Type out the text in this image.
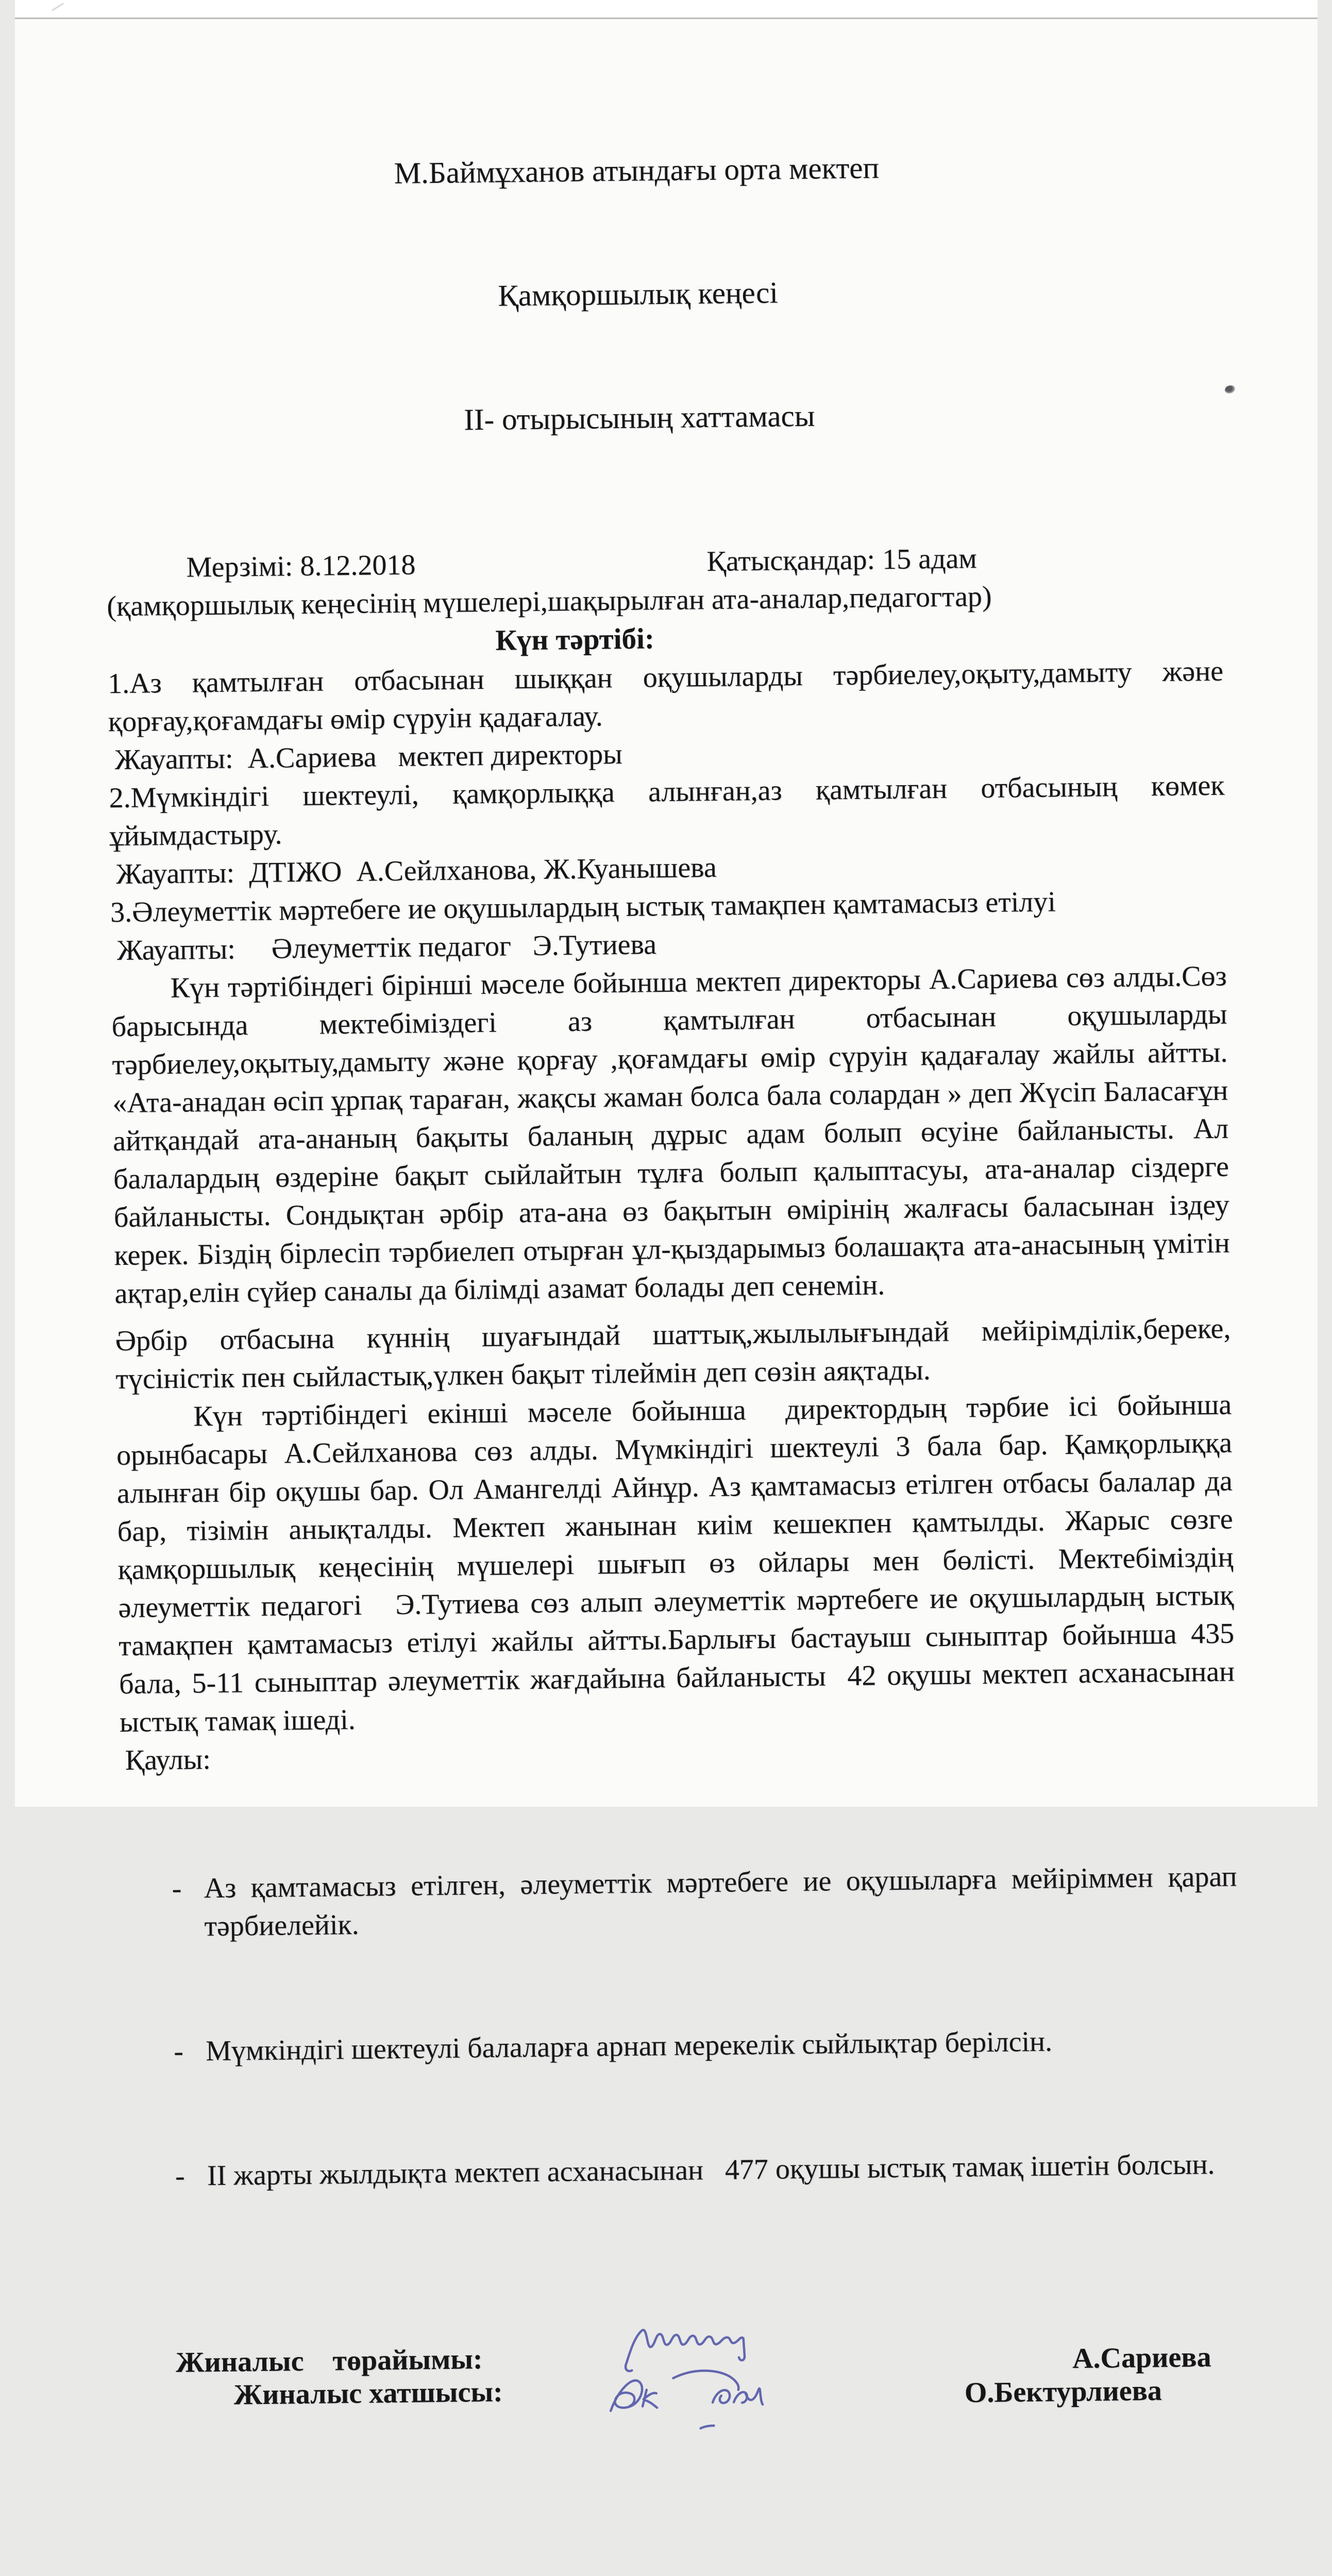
М.Баймұханов атындағы орта мектеп

Қамқоршылық кеңесі

ІІ- отырысының хаттамасы

Мерзімі: 8.12.2018

	Қатысқандар: 15 адам

(қамқоршылық кеңесінің мүшелері,шақырылған ата-аналар,педагогтар)

Күн тәртібі:

1.Аз қамтылған отбасынан шыққан оқушыларды тәрбиелеу,оқыту,дамыту және қорғау,қоғамдағы өмір сүруін қадағалау.

Жауапты:  А.Сариева   мектеп директоры

2.Мүмкіндігі шектеулі, қамқорлыққа алынған,аз қамтылған отбасының көмек ұйымдастыру.

Жауапты:  ДТІЖО  А.Сейлханова, Ж.Куанышева

3.Әлеуметтік мәртебеге ие оқушылардың ыстық тамақпен қамтамасыз етілуі

Жауапты:     Әлеуметтік педагог   Э.Тутиева

Күн тәртібіндегі бірінші мәселе бойынша мектеп директоры А.Сариева сөз алды.Сөз барысында мектебіміздегі аз қамтылған отбасынан оқушыларды тәрбиелеу,оқытыу,дамыту және қорғау ,қоғамдағы өмір сүруін қадағалау жайлы айтты. «Ата-анадан өсіп ұрпақ тараған, жақсы жаман болса бала солардан » деп Жүсіп Баласағұн айтқандай ата-ананың бақыты баланың дұрыс адам болып өсуіне байланысты. Ал балалардың өздеріне бақыт сыйлайтын тұлға болып қалыптасуы, ата-аналар сіздерге байланысты. Сондықтан әрбір ата-ана өз бақытын өмірінің жалғасы баласынан іздеу керек. Біздің бірлесіп тәрбиелеп отырған ұл-қыздарымыз болашақта ата-анасының үмітін ақтар,елін сүйер саналы да білімді азамат болады деп сенемін.

Әрбір отбасына күннің шуағындай шаттық,жылылығындай мейірімділік,береке, түсіністік пен сыйластық,үлкен бақыт тілеймін деп сөзін аяқтады.

Күн тәртібіндегі екінші мәселе бойынша  директордың тәрбие ісі бойынша орынбасары А.Сейлханова сөз алды. Мүмкіндігі шектеулі 3 бала бар. Қамқорлыққа алынған бір оқушы бар. Ол Амангелді Айнұр. Аз қамтамасыз етілген отбасы балалар да бар, тізімін анықталды. Мектеп жанынан киім кешекпен қамтылды. Жарыс сөзге қамқоршылық кеңесінің мүшелері шығып өз ойлары мен бөлісті. Мектебіміздің әлеуметтік педагогі   Э.Тутиева сөз алып әлеуметтік мәртебеге ие оқушылардың ыстық тамақпен қамтамасыз етілуі жайлы айтты.Барлығы бастауыш сыныптар бойынша 435 бала, 5-11 сыныптар әлеуметтік жағдайына байланысты  42 оқушы мектеп асханасынан ыстық тамақ ішеді.

Қаулы:

- Аз қамтамасыз етілген, әлеуметтік мәртебеге ие оқушыларға мейіріммен қарап тәрбиелейік.

- Мүмкіндігі шектеулі балаларға арнап мерекелік сыйлықтар берілсін.

- ІІ жарты жылдықта мектеп асханасынан   477 оқушы ыстық тамақ ішетін болсын.

Жиналыс    төрайымы:

Жиналыс хатшысы:

А.Сариева

О.Бектурлиева
